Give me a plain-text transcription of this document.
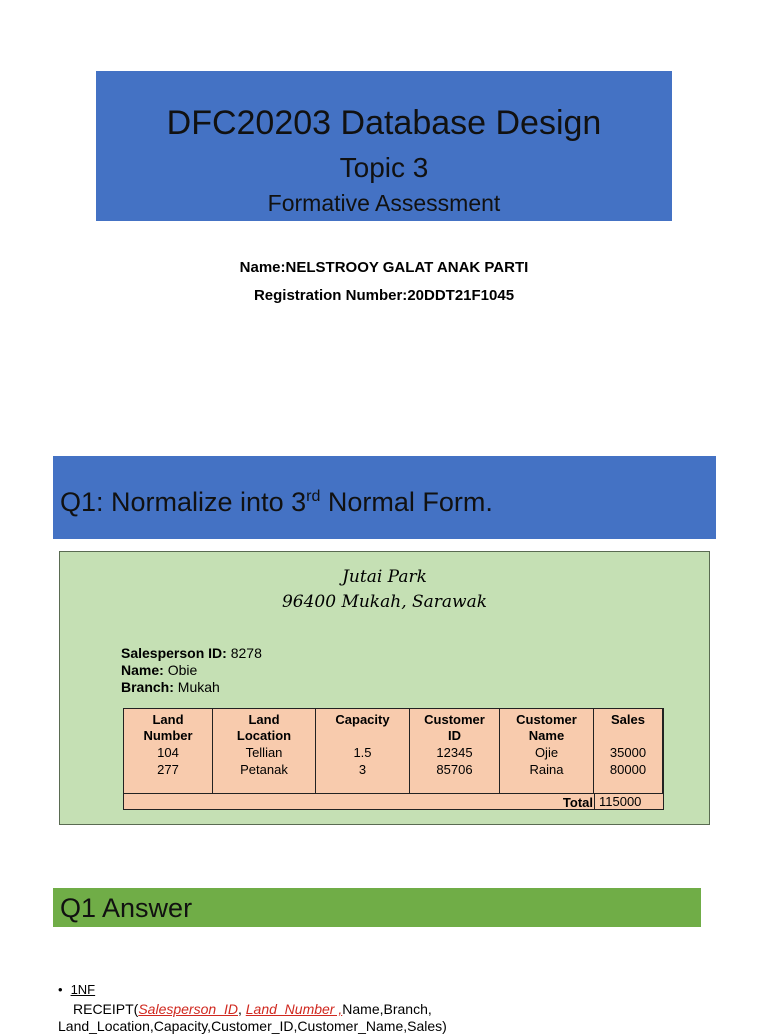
DFC20203 Database Design
Topic 3
Formative Assessment
Name:NELSTROOY GALAT ANAK PARTI
Registration Number:20DDT21F1045
Q1: Normalize into 3rd Normal Form.
Jutai Park
96400 Mukah, Sarawak
Salesperson ID: 8278
Name: Obie
Branch: Mukah
Land
Number
104
277
Land
Location
Tellian
Petanak
Capacity
1.5
3
Customer
ID
12345
85706
Customer
Name
Ojie
Raina
Sales
35000
80000
Total 115000
Q1 Answer
• 1NF
RECEIPT(Salesperson_ID, Land_Number ,Name,Branch,
Land_Location,Capacity,Customer_ID,Customer_Name,Sales)
